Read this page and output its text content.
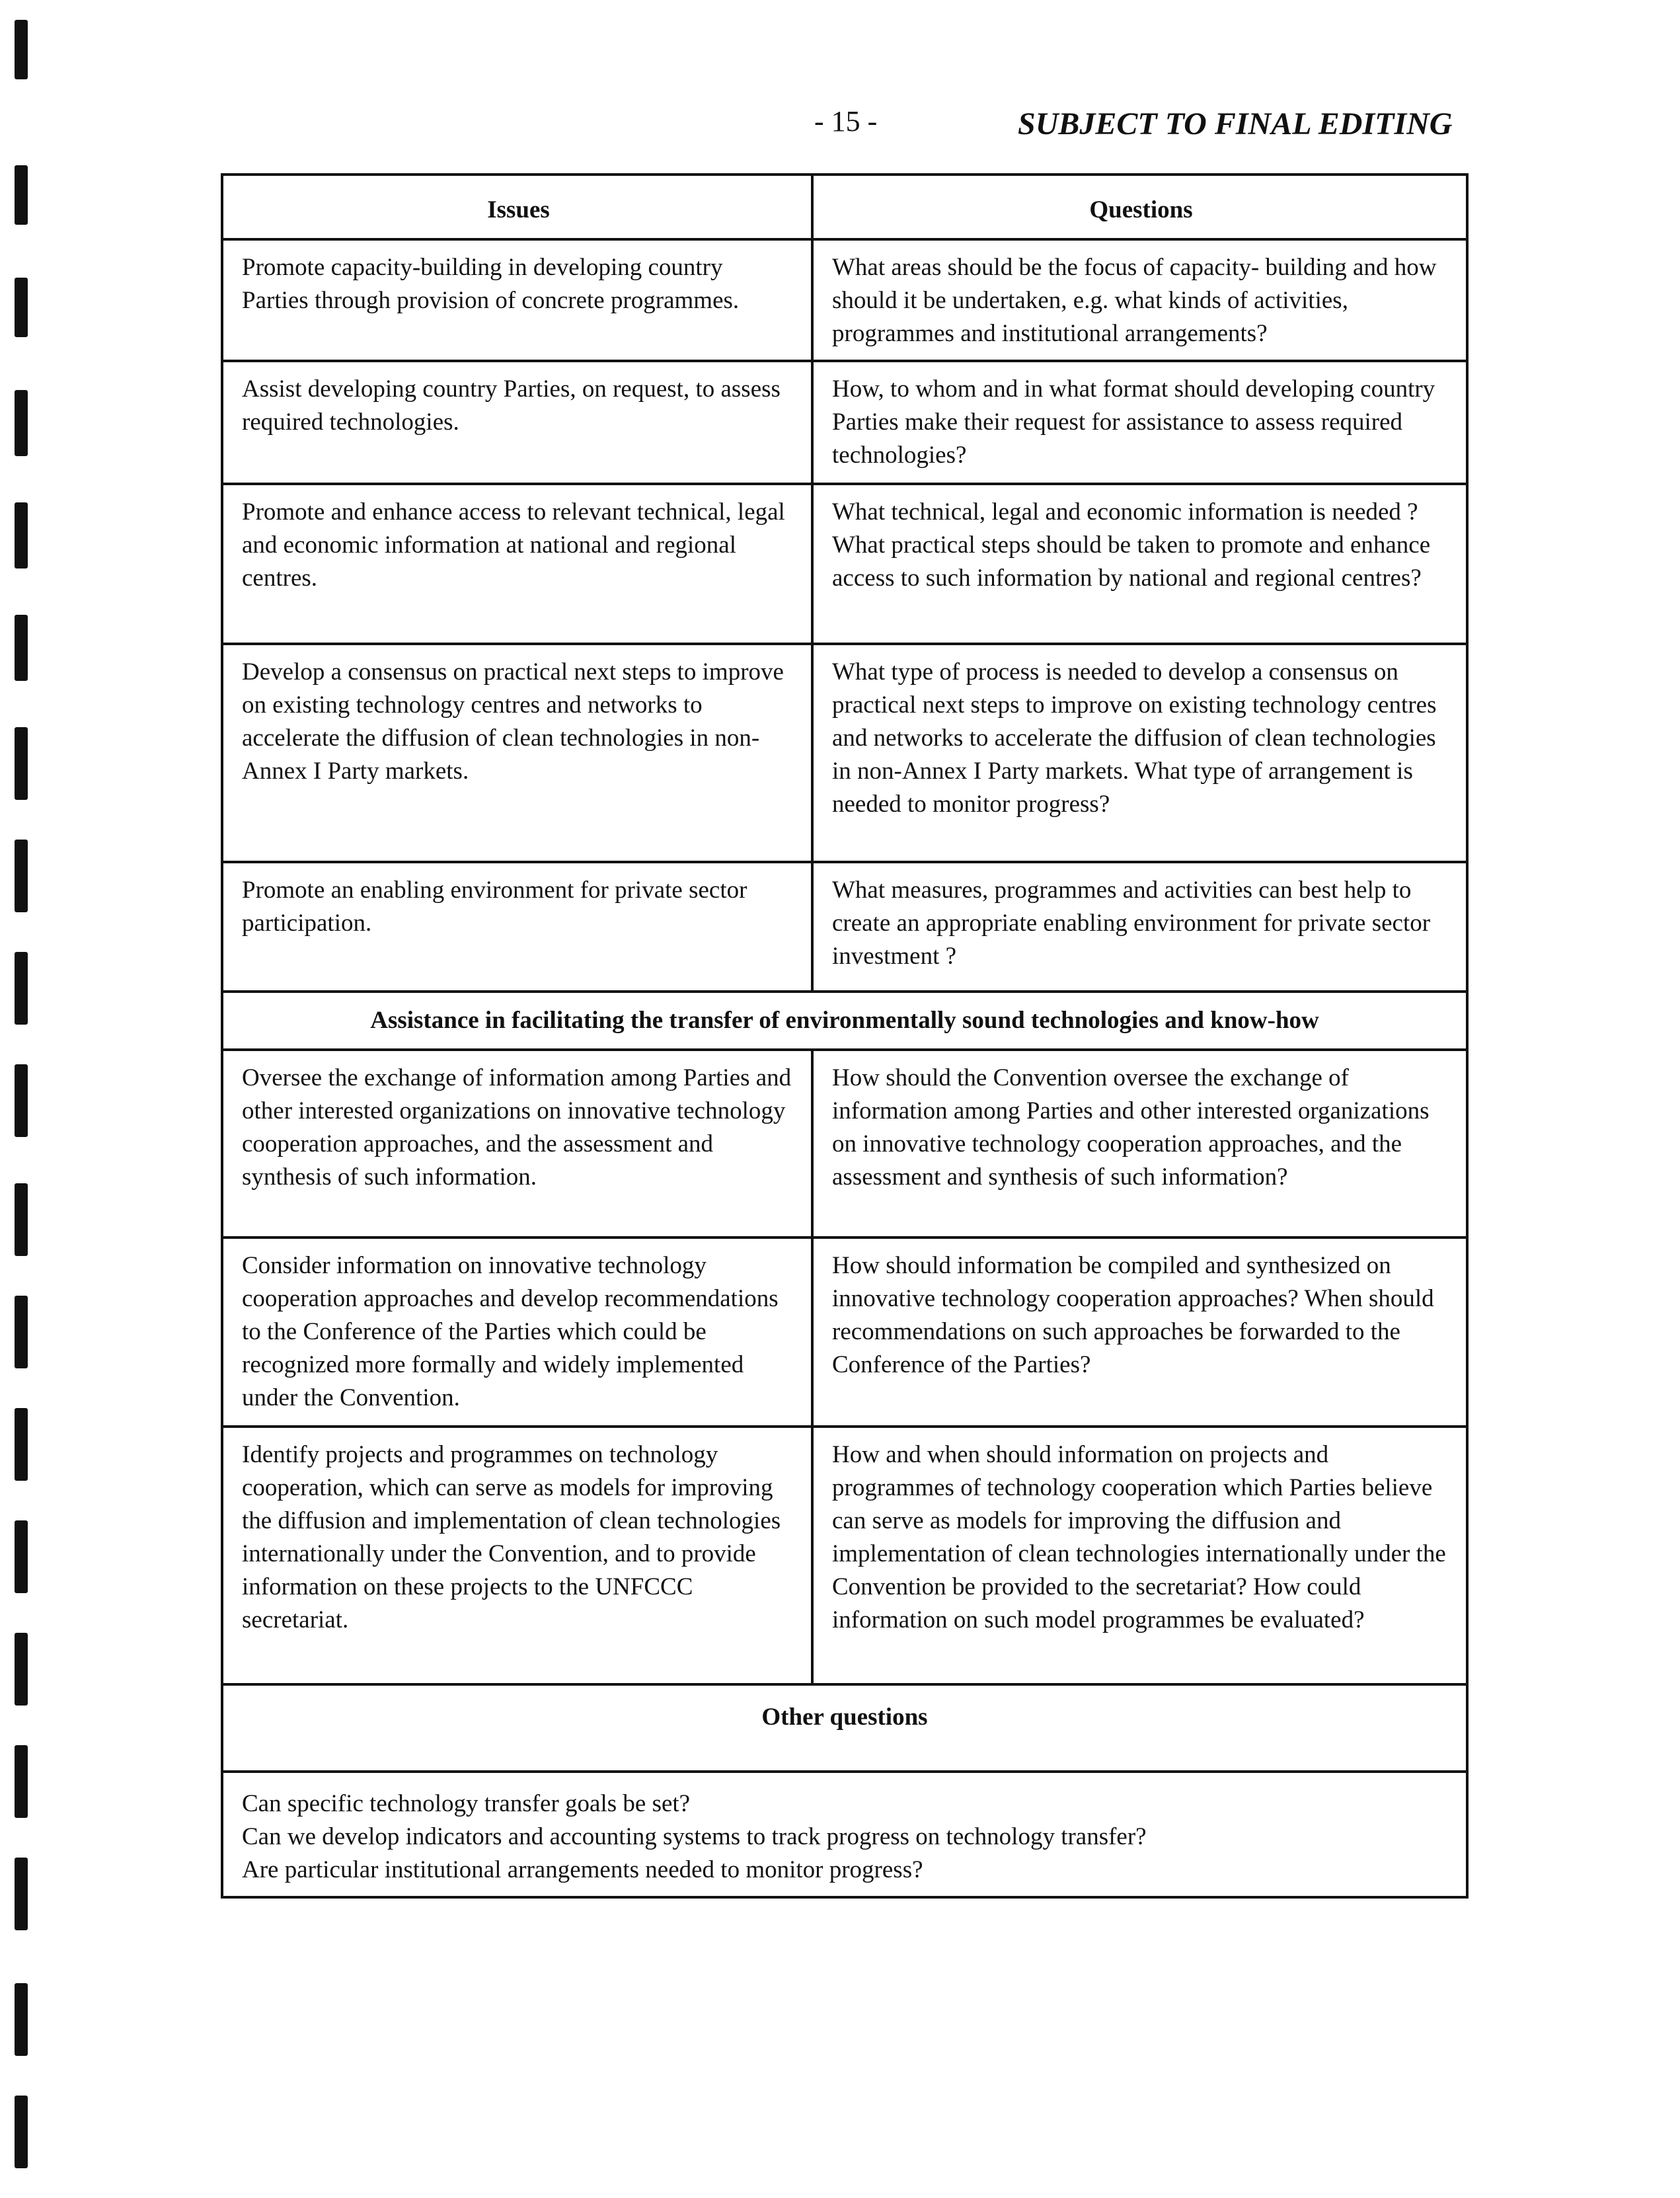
- 15 -	SUBJECT TO FINAL EDITING
Issues	Questions
Promote capacity-building in developing country Parties through provision of concrete programmes.
What areas should be the focus of capacity- building and how should it be undertaken, e.g. what kinds of activities, programmes and institutional arrangements?
Assist developing country Parties, on request, to assess required technologies.
How, to whom and in what format should developing country Parties make their request for assistance to assess required technologies?
Promote and enhance access to relevant technical, legal and economic information at national and regional centres.
What technical, legal and economic information is needed ? What practical steps should be taken to promote and enhance access to such information by national and regional centres?
Develop a consensus on practical next steps to improve on existing technology centres and networks to accelerate the diffusion of clean technologies in non-Annex I Party markets.
What type of process is needed to develop a consensus on practical next steps to improve on existing technology centres and networks to accelerate the diffusion of clean technologies in non-Annex I Party markets. What type of arrangement is needed to monitor progress?
Promote an enabling environment for private sector participation.
What measures, programmes and activities can best help to create an appropriate enabling environment for private sector investment ?
Assistance in facilitating the transfer of environmentally sound technologies and know-how
Oversee the exchange of information among Parties and other interested organizations on innovative technology cooperation approaches, and the assessment and synthesis of such information.
How should the Convention oversee the exchange of information among Parties and other interested organizations on innovative technology cooperation approaches, and the assessment and synthesis of such information?
Consider information on innovative technology cooperation approaches and develop recommendations to the Conference of the Parties which could be recognized more formally and widely implemented under the Convention.
How should information be compiled and synthesized on innovative technology cooperation approaches? When should recommendations on such approaches be forwarded to the Conference of the Parties?
Identify projects and programmes on technology cooperation, which can serve as models for improving the diffusion and implementation of clean technologies internationally under the Convention, and to provide information on these projects to the UNFCCC secretariat.
How and when should information on projects and programmes of technology cooperation which Parties believe can serve as models for improving the diffusion and implementation of clean technologies internationally under the Convention be provided to the secretariat? How could information on such model programmes be evaluated?
Other questions
Can specific technology transfer goals be set?
Can we develop indicators and accounting systems to track progress on technology transfer?
Are particular institutional arrangements needed to monitor progress?
